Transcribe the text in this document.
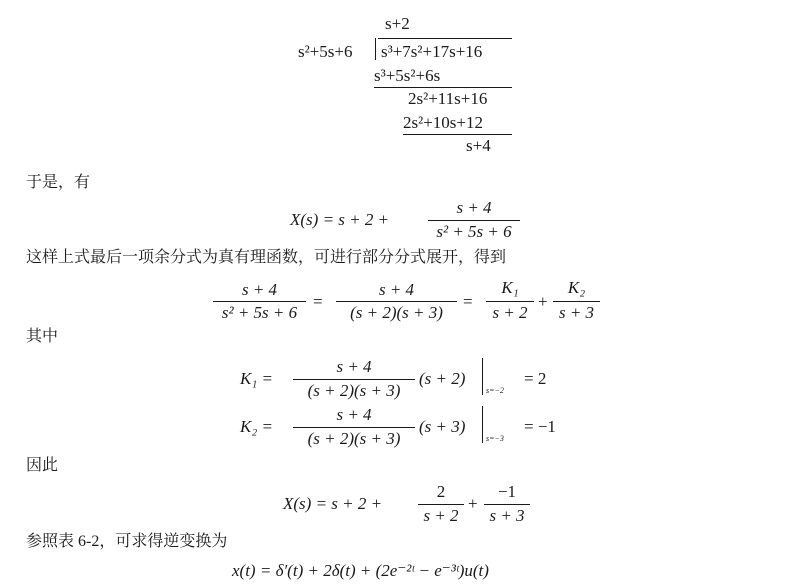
s+2
s²+5s+6 s³+7s²+17s+16
s³+5s²+6s
2s²+11s+16
2s²+10s+12
s+4
于是，有
X(s) = s + 2 +
s + 4
s² + 5s + 6
这样上式最后一项余分式为真有理函数，可进行部分分式展开，得到
s + 4
s² + 5s + 6
=
s + 4
(s + 2)(s + 3)
=
K₁
s + 2
+
K₂
s + 3
其中
K₁ =
s + 4
(s + 2)(s + 3)
(s + 2)
s=−2
= 2
K₂ =
s + 4
(s + 2)(s + 3)
(s + 3)
s=−3
= −1
因此
X(s) = s + 2 +
2
s + 2
+
−1
s + 3
参照表 6-2，可求得逆变换为
x(t) = δ′(t) + 2δ(t) + (2e⁻²ᵗ − e⁻³ᵗ)u(t)
